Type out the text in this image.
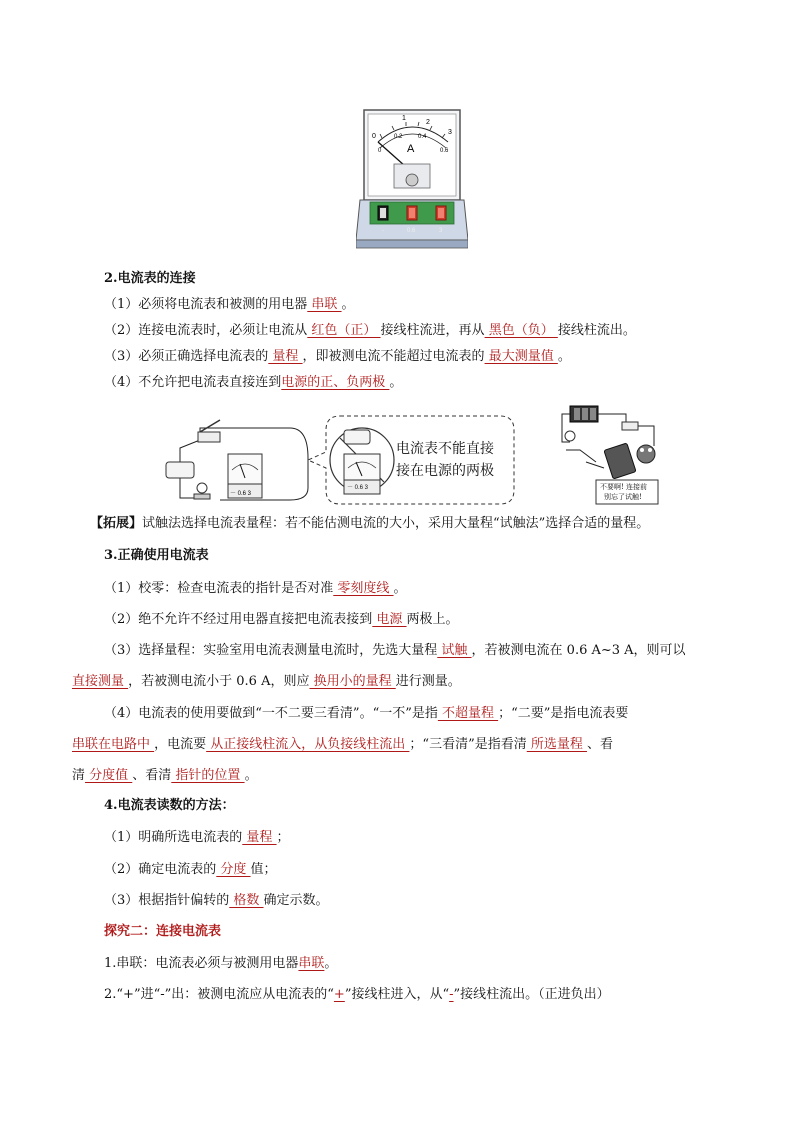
0
1
2
3
0
0.2	0.4
0.6
A
-	0.6	3
2.电流表的连接
（1）必须将电流表和被测的用电器 串联 。
（2）连接电流表时，必须让电流从 红色（正） 接线柱流进，再从 黑色（负） 接线柱流出。
（3）必须正确选择电流表的 量程 ，即被测电流不能超过电流表的 最大测量值 。
（4）不允许把电流表直接连到电源的正、负两极 。
－ 0.6 3
－ 0.6 3
电流表不能直接
接在电源的两极
不要啊! 连接前
别忘了试触!
【拓展】试触法选择电流表量程：若不能估测电流的大小，采用大量程“试触法”选择合适的量程。
3.正确使用电流表
（1）校零：检查电流表的指针是否对准 零刻度线 。
（2）绝不允许不经过用电器直接把电流表接到 电源 两极上。
（3）选择量程：实验室用电流表测量电流时，先选大量程 试触 ，若被测电流在 0.6 A~3 A，则可以
直接测量 ，若被测电流小于 0.6 A，则应 换用小的量程 进行测量。
（4）电流表的使用要做到“一不二要三看清”。“一不”是指 不超量程 ；“二要”是指电流表要
串联在电路中 ，电流要 从正接线柱流入，从负接线柱流出 ；“三看清”是指看清 所选量程 、看
清 分度值 、看清 指针的位置 。
4.电流表读数的方法：
（1）明确所选电流表的 量程 ；
（2）确定电流表的 分度 值；
（3）根据指针偏转的 格数 确定示数。
探究二：连接电流表
1.串联：电流表必须与被测用电器串联。
2.“+”进“-”出：被测电流应从电流表的“+”接线柱进入，从“-”接线柱流出。（正进负出）
